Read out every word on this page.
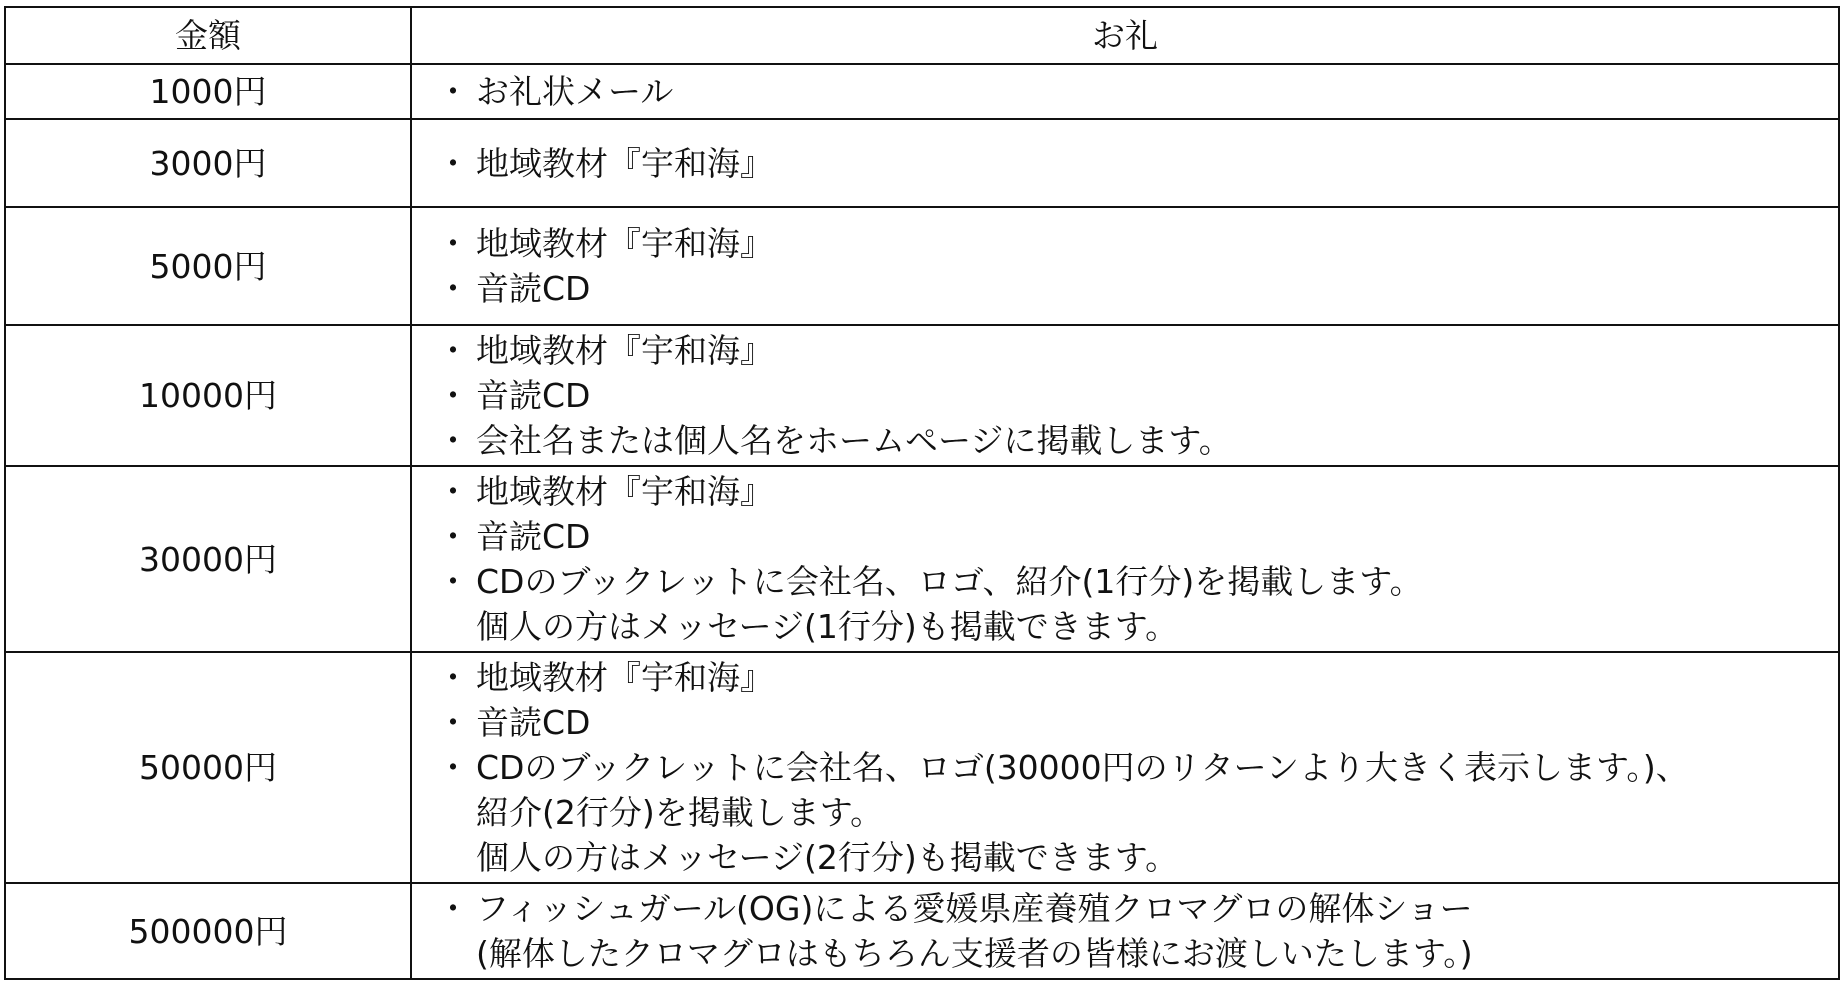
金額	お礼
1000円	・ お礼状メール

3000円	・ 地域教材『宇和海』

5000円	・ 地域教材『宇和海』
・ 音読CD

10000円	・ 地域教材『宇和海』
・ 音読CD
・ 会社名または個人名をホームページに掲載します。

30000円	・ 地域教材『宇和海』
・ 音読CD
・ CDのブックレットに会社名、ロゴ、紹介(1行分)を掲載します。
個人の方はメッセージ(1行分)も掲載できます。

50000円	・ 地域教材『宇和海』
・ 音読CD
・ CDのブックレットに会社名、ロゴ(30000円のリターンより大きく表示します。)、
紹介(2行分)を掲載します。
個人の方はメッセージ(2行分)も掲載できます。

500000円	・ フィッシュガール(OG)による愛媛県産養殖クロマグロの解体ショー
(解体したクロマグロはもちろん支援者の皆様にお渡しいたします。)
